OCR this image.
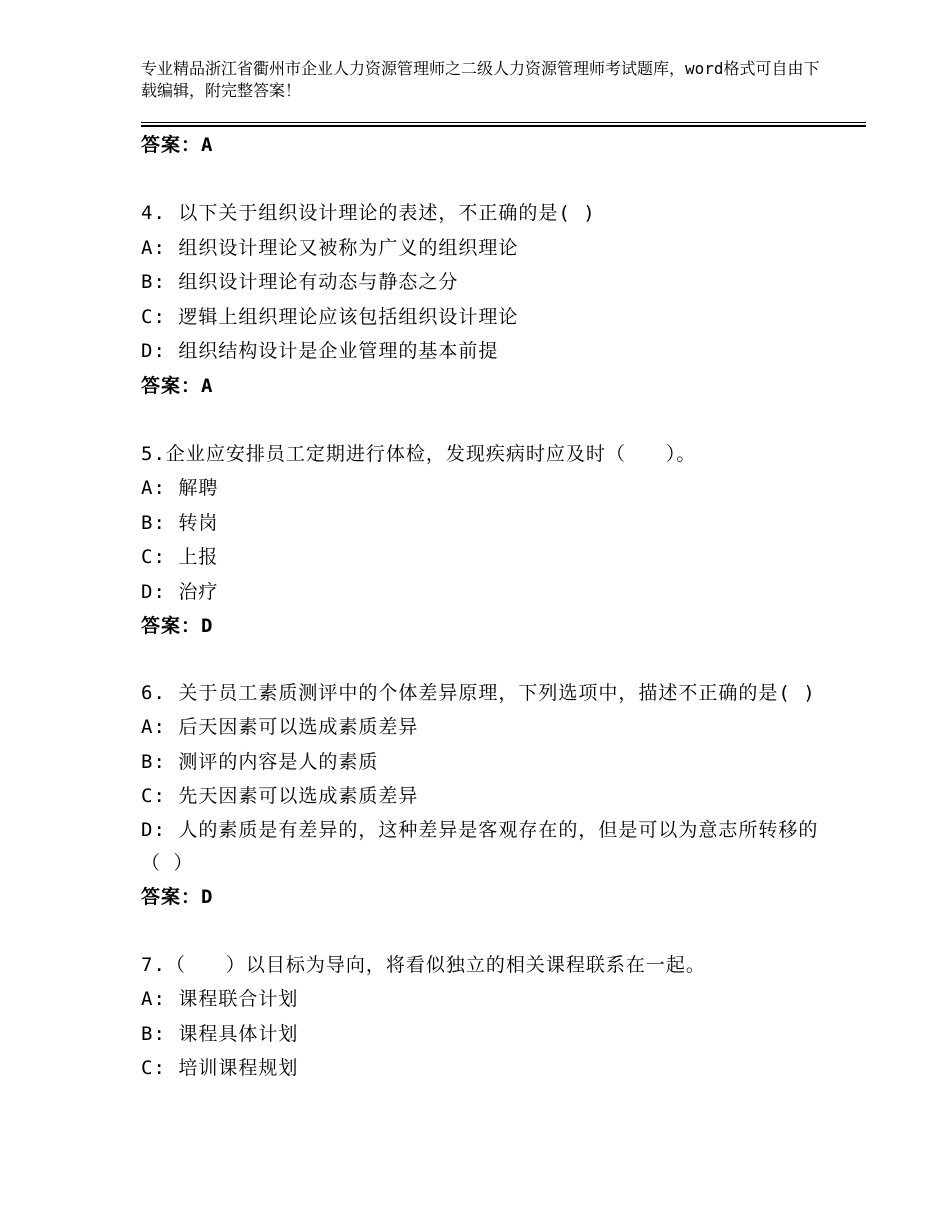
专业精品浙江省衢州市企业人力资源管理师之二级人力资源管理师考试题库，word格式可自由下载编辑，附完整答案！
答案：A
4. 以下关于组织设计理论的表述，不正确的是( )
A: 组织设计理论又被称为广义的组织理论
B: 组织设计理论有动态与静态之分
C: 逻辑上组织理论应该包括组织设计理论
D: 组织结构设计是企业管理的基本前提
答案：A
5.企业应安排员工定期进行体检，发现疾病时应及时（　　）。
A: 解聘
B: 转岗
C: 上报
D: 治疗
答案：D
6. 关于员工素质测评中的个体差异原理，下列选项中，描述不正确的是( )
A: 后天因素可以选成素质差异
B: 测评的内容是人的素质
C: 先天因素可以选成素质差异
D: 人的素质是有差异的，这种差异是客观存在的，但是可以为意志所转移的（ ）
答案：D
7.（　　）以目标为导向，将看似独立的相关课程联系在一起。
A: 课程联合计划
B: 课程具体计划
C: 培训课程规划
